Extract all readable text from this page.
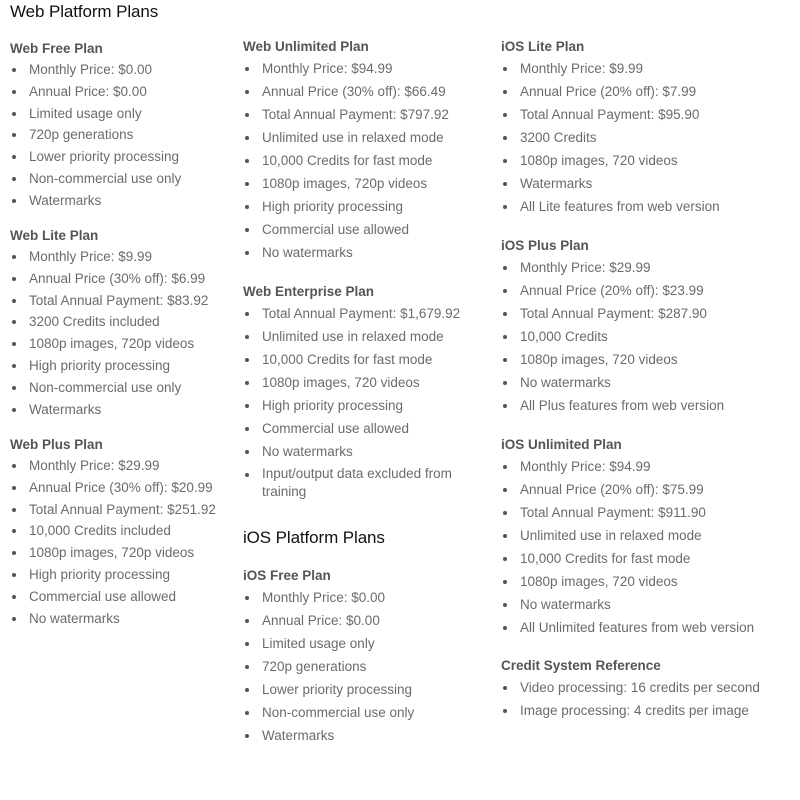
Web Platform Plans
Web Free Plan
Monthly Price: $0.00
Annual Price: $0.00
Limited usage only
720p generations
Lower priority processing
Non-commercial use only
Watermarks
Web Lite Plan
Monthly Price: $9.99
Annual Price (30% off): $6.99
Total Annual Payment: $83.92
3200 Credits included
1080p images, 720p videos
High priority processing
Non-commercial use only
Watermarks
Web Plus Plan
Monthly Price: $29.99
Annual Price (30% off): $20.99
Total Annual Payment: $251.92
10,000 Credits included
1080p images, 720p videos
High priority processing
Commercial use allowed
No watermarks
Web Unlimited Plan
Monthly Price: $94.99
Annual Price (30% off): $66.49
Total Annual Payment: $797.92
Unlimited use in relaxed mode
10,000 Credits for fast mode
1080p images, 720p videos
High priority processing
Commercial use allowed
No watermarks
Web Enterprise Plan
Total Annual Payment: $1,679.92
Unlimited use in relaxed mode
10,000 Credits for fast mode
1080p images, 720 videos
High priority processing
Commercial use allowed
No watermarks
Input/output data excluded from training
iOS Platform Plans
iOS Free Plan
Monthly Price: $0.00
Annual Price: $0.00
Limited usage only
720p generations
Lower priority processing
Non-commercial use only
Watermarks
iOS Lite Plan
Monthly Price: $9.99
Annual Price (20% off): $7.99
Total Annual Payment: $95.90
3200 Credits
1080p images, 720 videos
Watermarks
All Lite features from web version
iOS Plus Plan
Monthly Price: $29.99
Annual Price (20% off): $23.99
Total Annual Payment: $287.90
10,000 Credits
1080p images, 720 videos
No watermarks
All Plus features from web version
iOS Unlimited Plan
Monthly Price: $94.99
Annual Price (20% off): $75.99
Total Annual Payment: $911.90
Unlimited use in relaxed mode
10,000 Credits for fast mode
1080p images, 720 videos
No watermarks
All Unlimited features from web version
Credit System Reference
Video processing: 16 credits per second
Image processing: 4 credits per image
